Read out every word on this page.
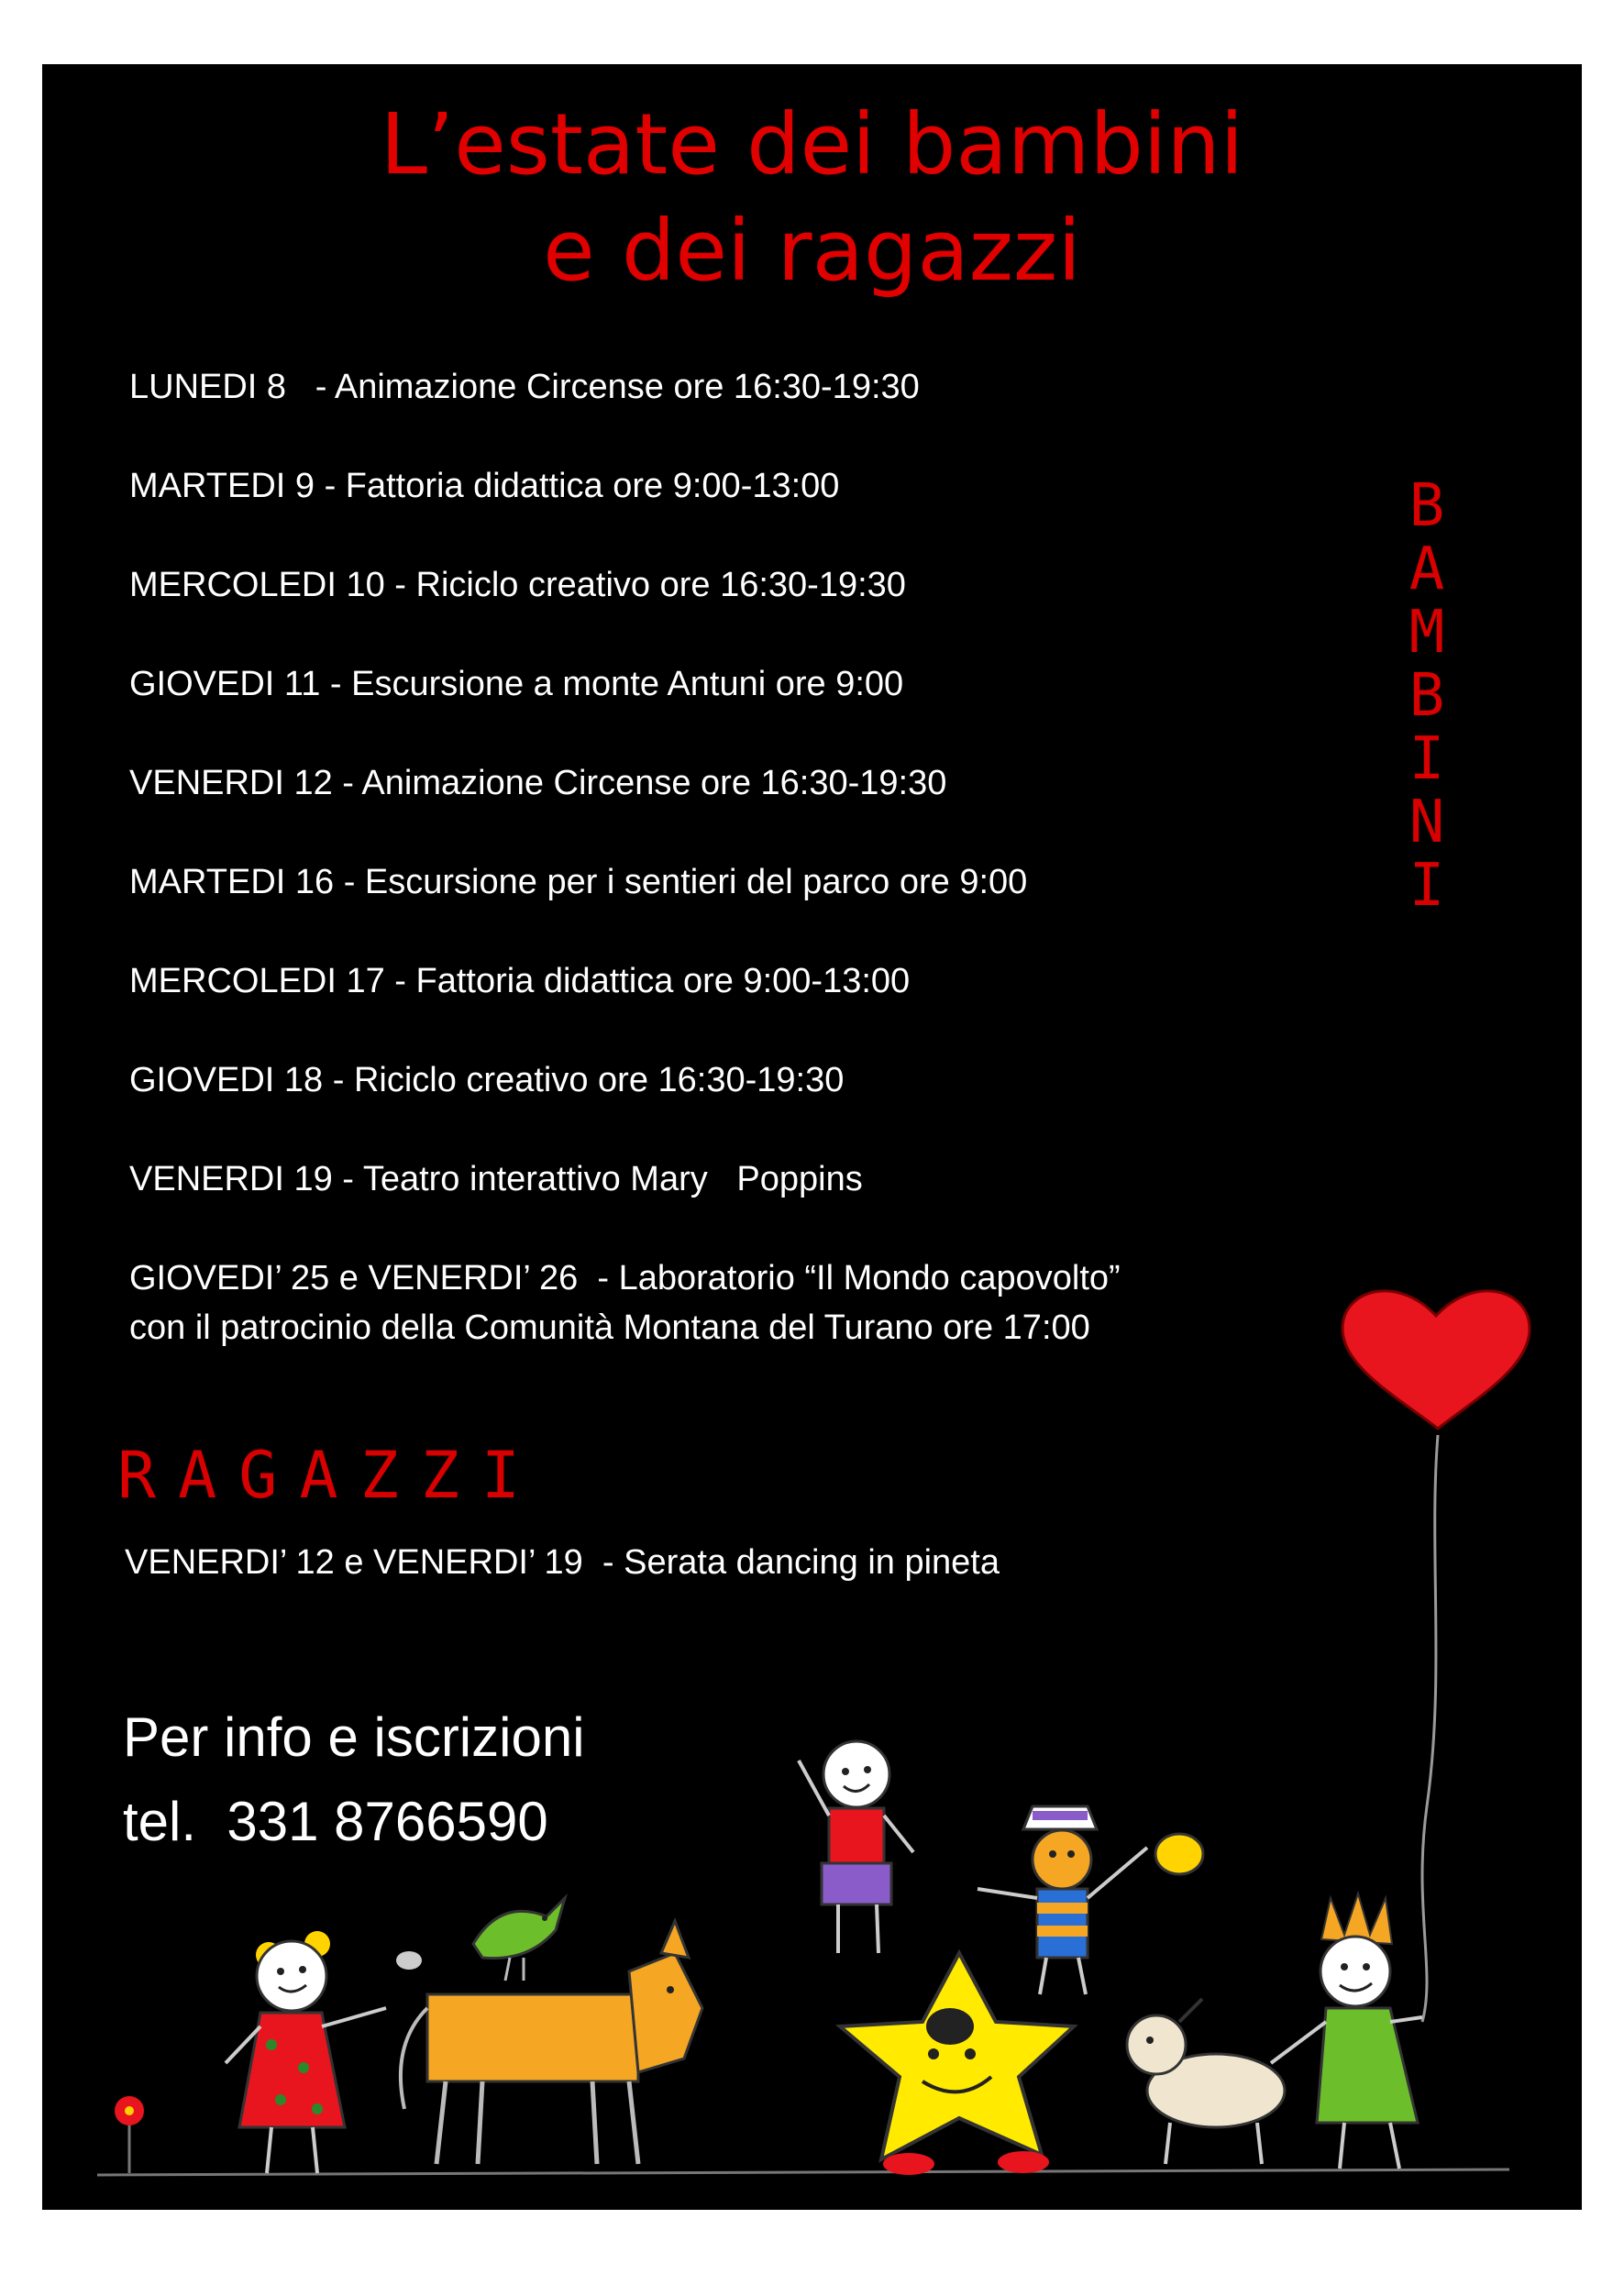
L’estate dei bambini
e dei ragazzi
LUNEDI 8   - Animazione Circense ore 16:30-19:30
MARTEDI 9 - Fattoria didattica ore 9:00-13:00
MERCOLEDI 10 - Riciclo creativo ore 16:30-19:30
GIOVEDI 11 - Escursione a monte Antuni ore 9:00
VENERDI 12 - Animazione Circense ore 16:30-19:30
MARTEDI 16 - Escursione per i sentieri del parco ore 9:00
MERCOLEDI 17 - Fattoria didattica ore 9:00-13:00
GIOVEDI 18 - Riciclo creativo ore 16:30-19:30
VENERDI 19 - Teatro interattivo Mary   Poppins
GIOVEDI’ 25 e VENERDI’ 26  - Laboratorio “Il Mondo capovolto”
con il patrocinio della Comunità Montana del Turano ore 17:00
B
A
M
B
I
N
I
RAGAZZI
VENERDI’ 12 e VENERDI’ 19  - Serata dancing in pineta
Per info e iscrizioni
tel.  331 8766590
